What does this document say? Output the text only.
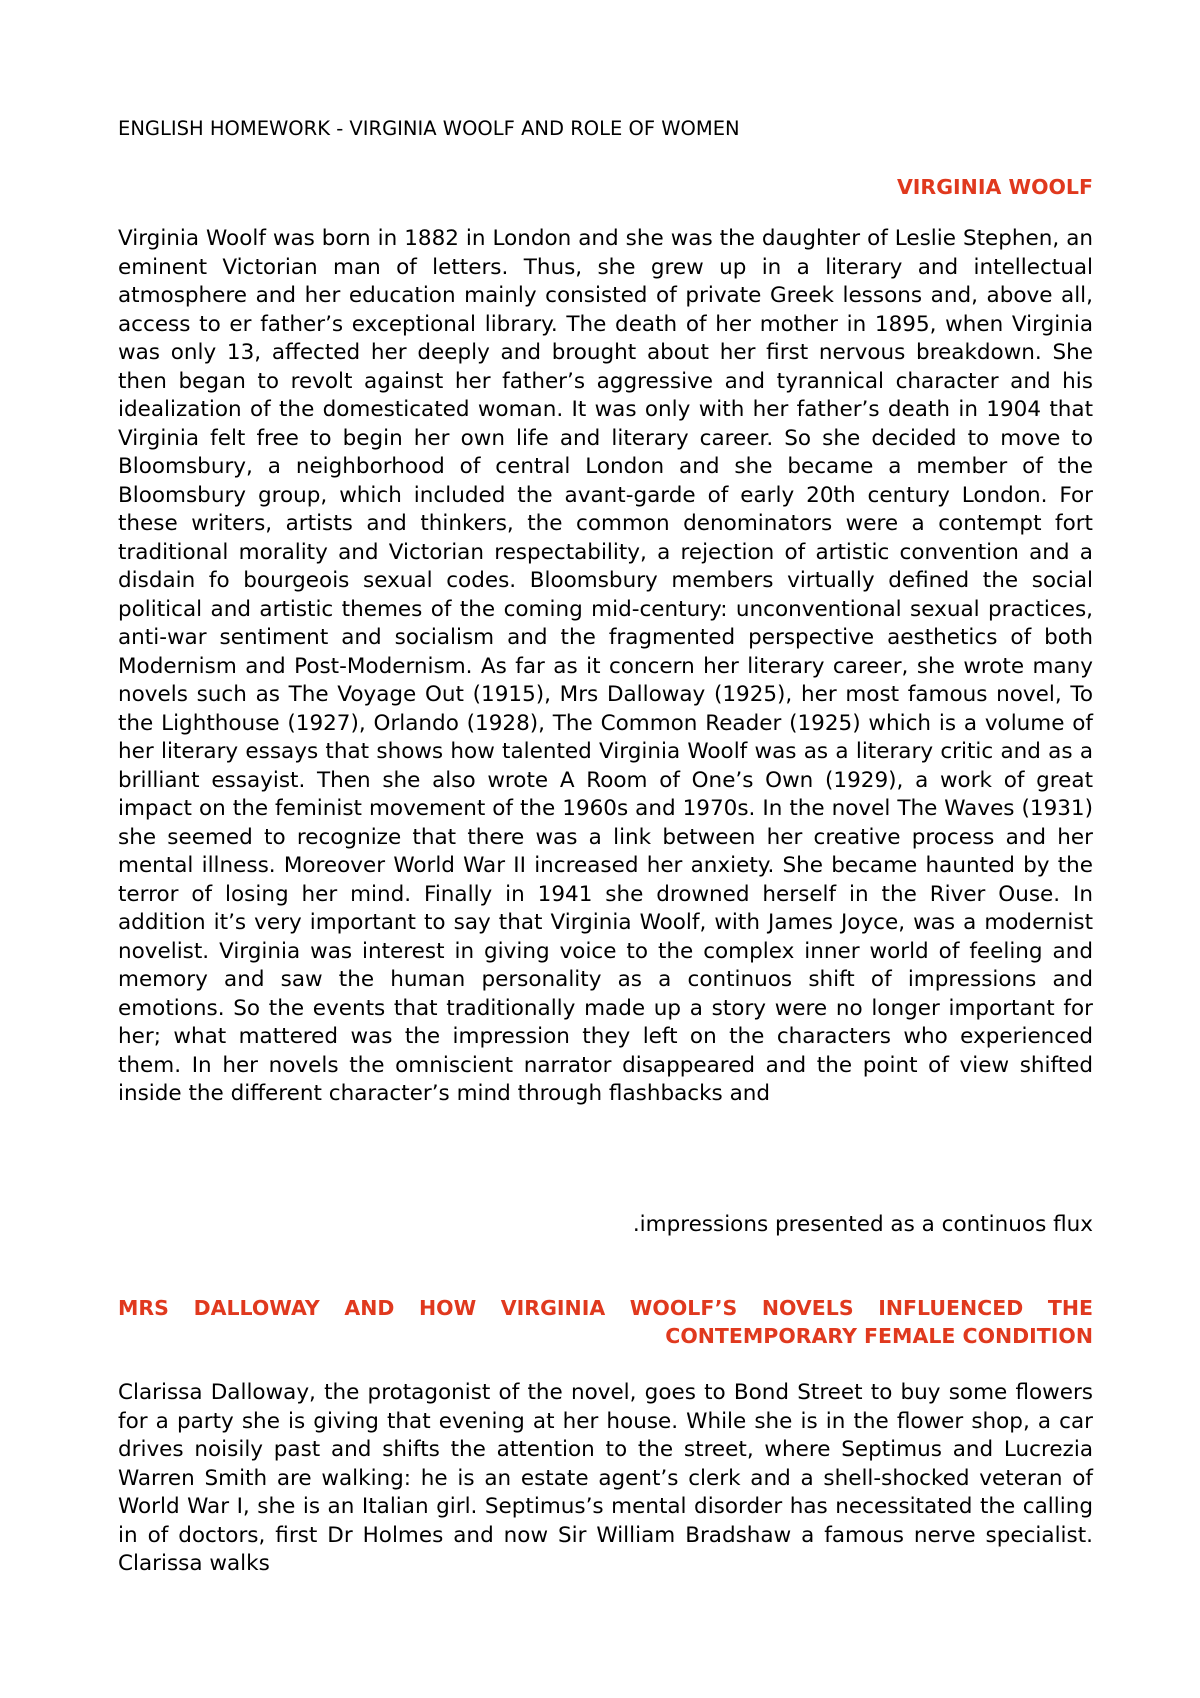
ENGLISH HOMEWORK - VIRGINIA WOOLF AND ROLE OF WOMEN
VIRGINIA WOOLF
Virginia Woolf was born in 1882 in London and she was the daughter of Leslie Stephen, an eminent Victorian man of letters. Thus, she grew up in a literary and intellectual atmosphere and her education mainly consisted of private Greek lessons and, above all, access to er father’s exceptional library. The death of her mother in 1895, when Virginia was only 13, affected her deeply and brought about her first nervous breakdown. She then began to revolt against her father’s aggressive and tyrannical character and his idealization of the domesticated woman. It was only with her father’s death in 1904 that Virginia felt free to begin her own life and literary career. So she decided to move to Bloomsbury, a neighborhood of central London and she became a member of the Bloomsbury group, which included the avant-garde of early 20th century London. For these writers, artists and thinkers, the common denominators were a contempt fort traditional morality and Victorian respectability, a rejection of artistic convention and a disdain fo bourgeois sexual codes. Bloomsbury members virtually defined the social political and artistic themes of the coming mid-century: unconventional sexual practices, anti-war sentiment and socialism and the fragmented perspective aesthetics of both Modernism and Post-Modernism. As far as it concern her literary career, she wrote many novels such as The Voyage Out (1915), Mrs Dalloway (1925), her most famous novel, To the Lighthouse (1927), Orlando (1928), The Common Reader (1925) which is a volume of her literary essays that shows how talented Virginia Woolf was as a literary critic and as a brilliant essayist. Then she also wrote A Room of One’s Own (1929), a work of great impact on the feminist movement of the 1960s and 1970s. In the novel The Waves (1931) she seemed to recognize that there was a link between her creative process and her mental illness. Moreover World War II increased her anxiety. She became haunted by the terror of losing her mind. Finally in 1941 she drowned herself in the River Ouse. In addition it’s very important to say that Virginia Woolf, with James Joyce, was a modernist novelist. Virginia was interest in giving voice to the complex inner world of feeling and memory and saw the human personality as a continuos shift of impressions and emotions. So the events that traditionally made up a story were no longer important for her; what mattered was the impression they left on the characters who experienced them. In her novels the omniscient narrator disappeared and the point of view shifted inside the different character’s mind through flashbacks and
.impressions presented as a continuos flux
MRS DALLOWAY AND HOW VIRGINIA WOOLF’S NOVELS INFLUENCED THE CONTEMPORARY FEMALE CONDITION
Clarissa Dalloway, the protagonist of the novel, goes to Bond Street to buy some flowers for a party she is giving that evening at her house. While she is in the flower shop, a car drives noisily past and shifts the attention to the street, where Septimus and Lucrezia Warren Smith are walking: he is an estate agent’s clerk and a shell-shocked veteran of World War I, she is an Italian girl. Septimus’s mental disorder has necessitated the calling in of doctors, first Dr Holmes and now Sir William Bradshaw a famous nerve specialist. Clarissa walks
